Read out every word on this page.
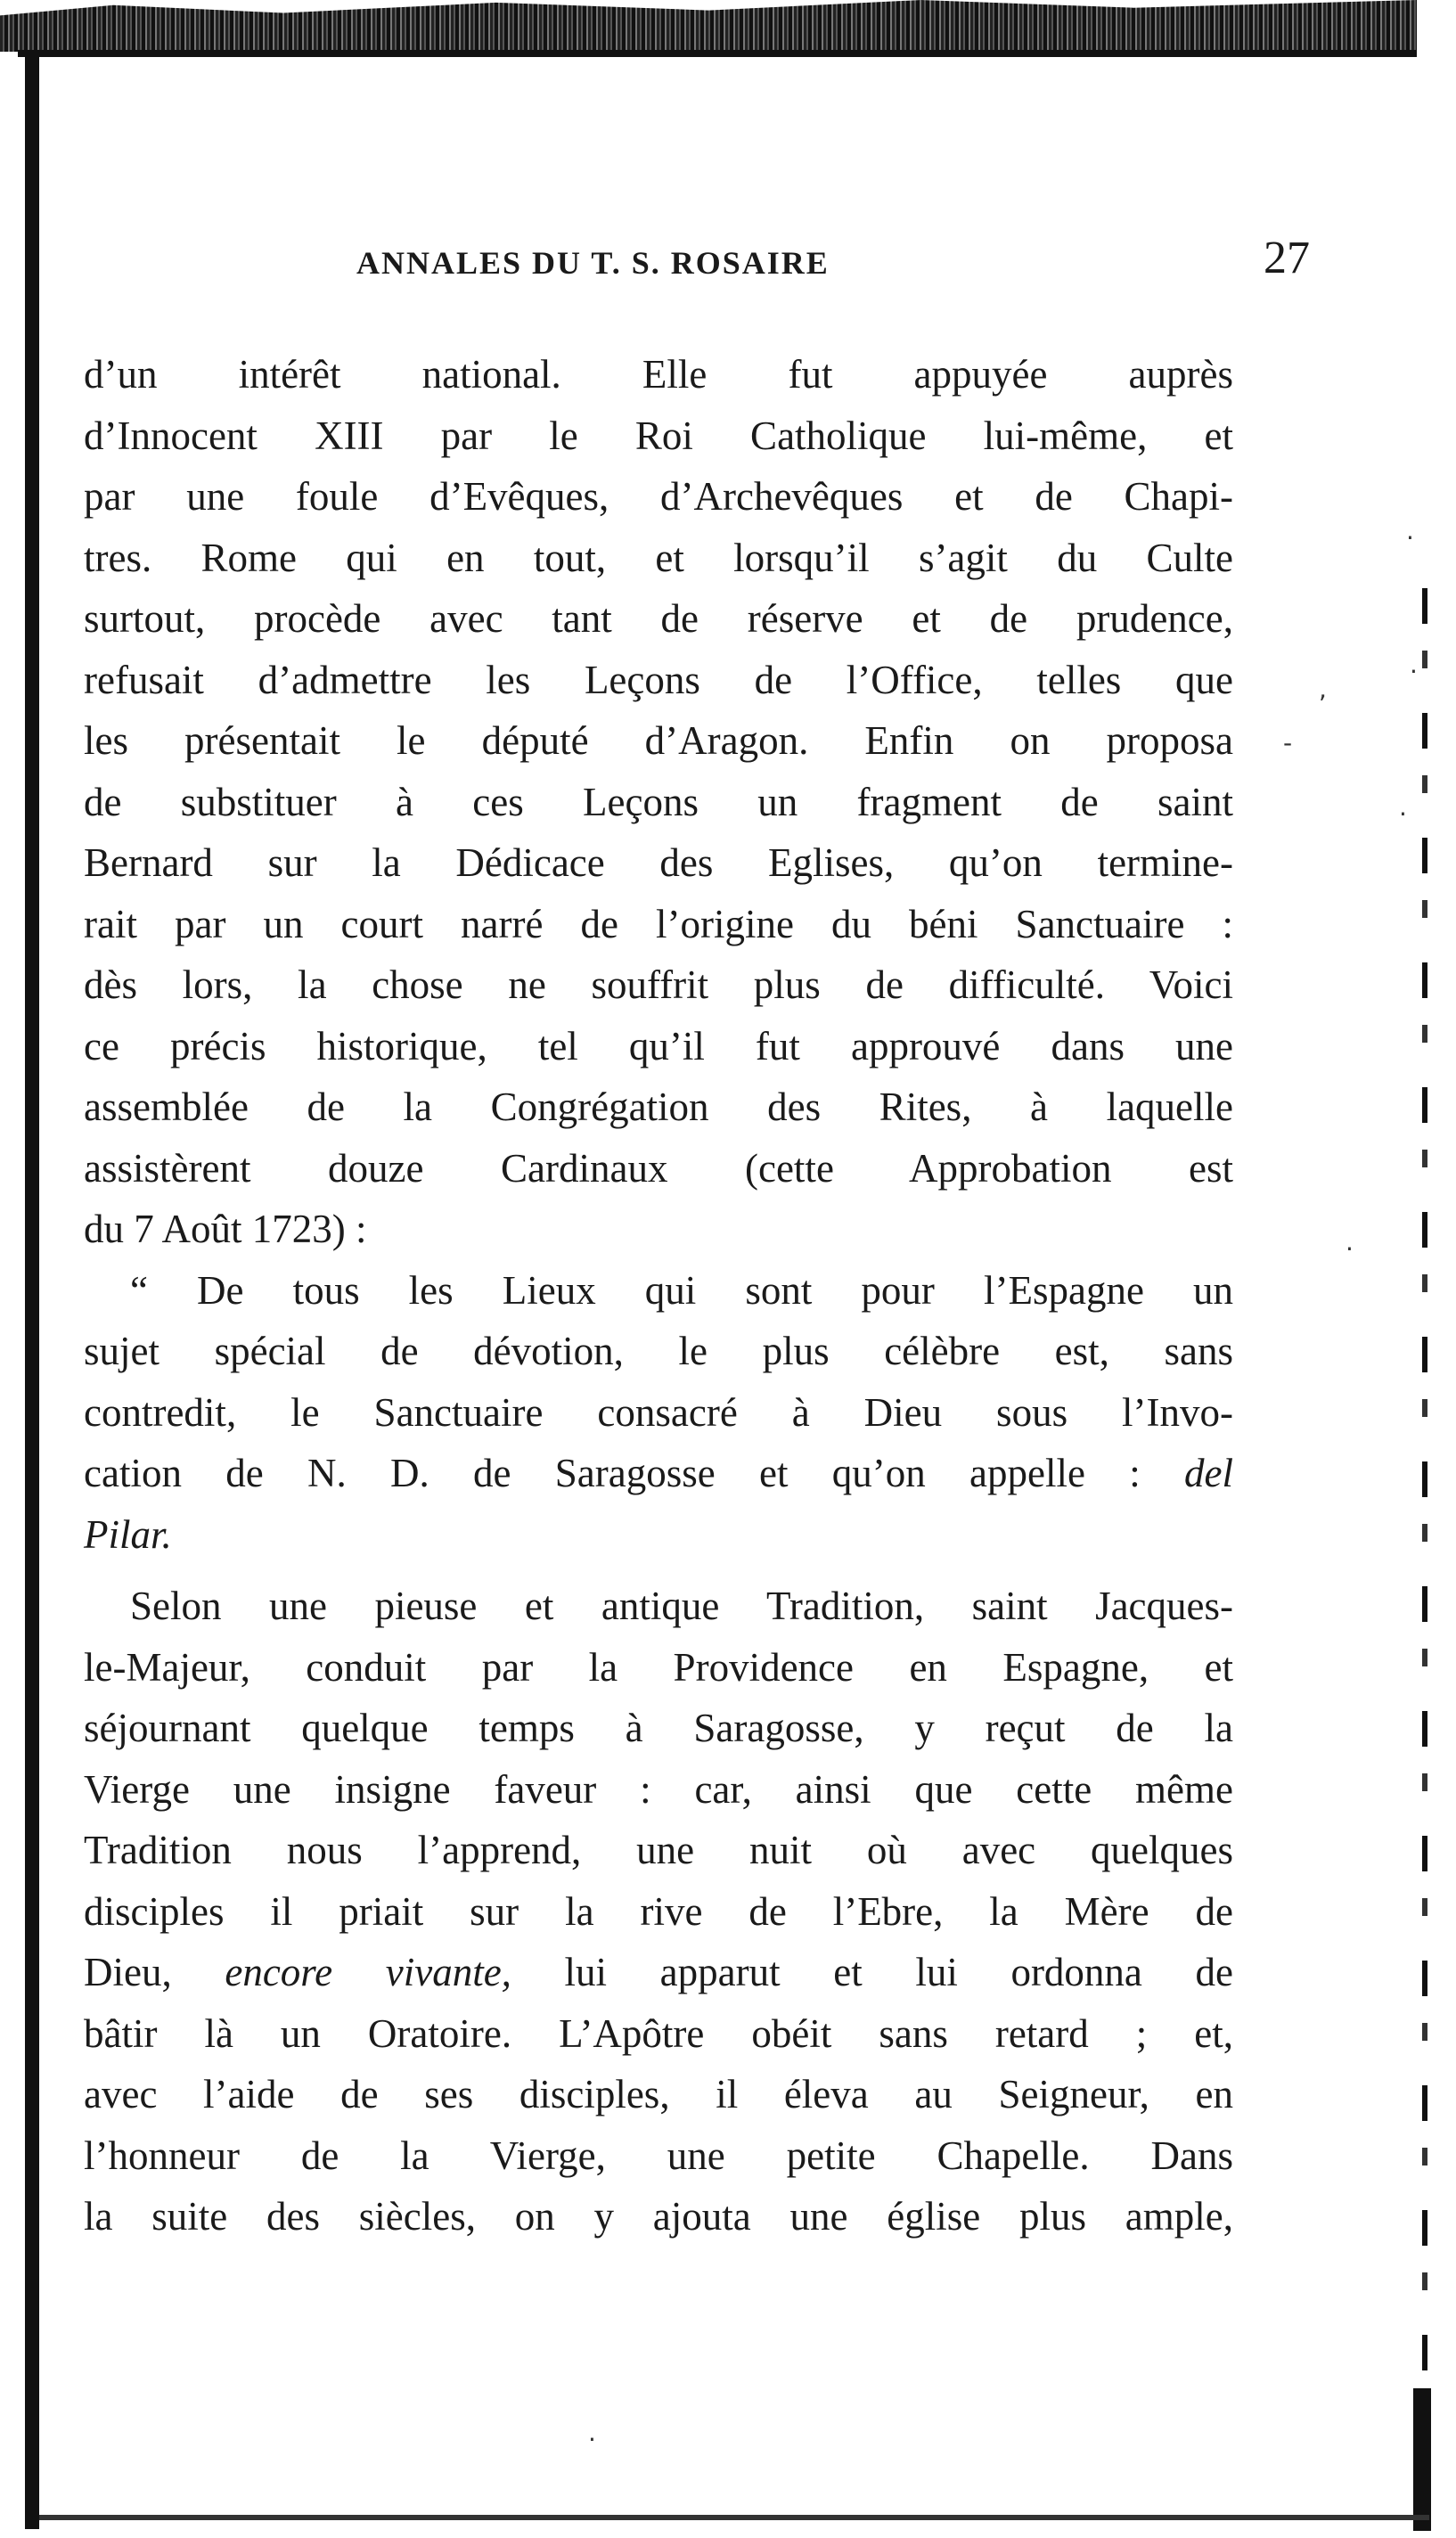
·
·
·
,
-
.
.
ANNALES DU T. S. ROSAIRE	27
d’un intérêt national. Elle fut appuyée auprès
d’Innocent XIII par le Roi Catholique lui-même, et
par une foule d’Evêques, d’Archevêques et de Chapi-
tres. Rome qui en tout, et lorsqu’il s’agit du Culte
surtout, procède avec tant de réserve et de prudence,
refusait d’admettre les Leçons de l’Office, telles que
les présentait le député d’Aragon. Enfin on proposa
de substituer à ces Leçons un fragment de saint
Bernard sur la Dédicace des Eglises, qu’on termine-
rait par un court narré de l’origine du béni Sanctuaire :
dès lors, la chose ne souffrit plus de difficulté. Voici
ce précis historique, tel qu’il fut approuvé dans une
assemblée de la Congrégation des Rites, à laquelle
assistèrent douze Cardinaux (cette Approbation est
du 7 Août 1723) :
“ De tous les Lieux qui sont pour l’Espagne un
sujet spécial de dévotion, le plus célèbre est, sans
contredit, le Sanctuaire consacré à Dieu sous l’Invo-
cation de N. D. de Saragosse et qu’on appelle : del
Pilar.
Selon une pieuse et antique Tradition, saint Jacques-
le-Majeur, conduit par la Providence en Espagne, et
séjournant quelque temps à Saragosse, y reçut de la
Vierge une insigne faveur : car, ainsi que cette même
Tradition nous l’apprend, une nuit où avec quelques
disciples il priait sur la rive de l’Ebre, la Mère de
Dieu, encore vivante, lui apparut et lui ordonna de
bâtir là un Oratoire. L’Apôtre obéit sans retard ; et,
avec l’aide de ses disciples, il éleva au Seigneur, en
l’honneur de la Vierge, une petite Chapelle. Dans
la suite des siècles, on y ajouta une église plus ample,
